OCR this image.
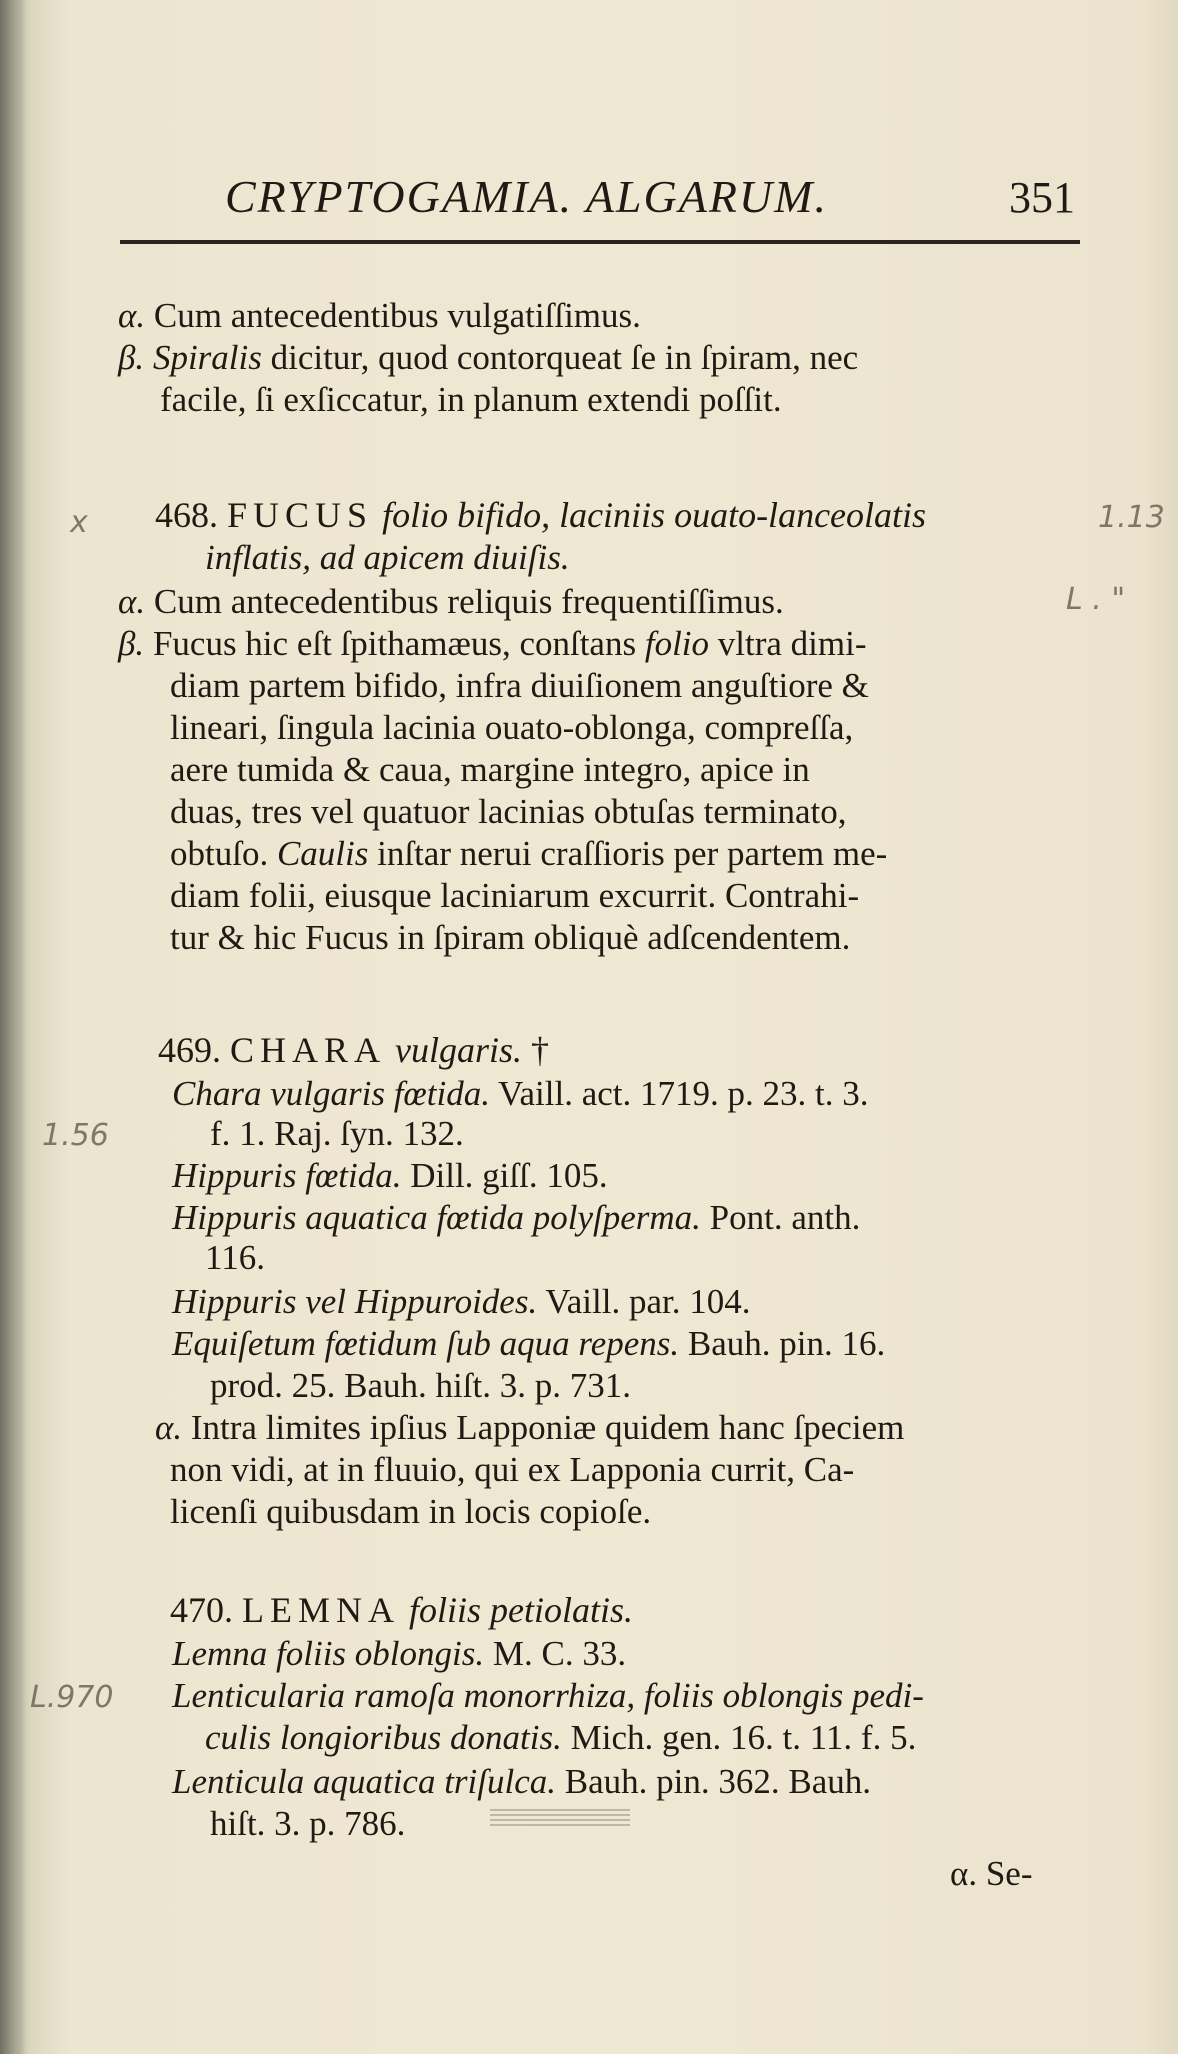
CRYPTOGAMIA. ALGARUM.	351
α. Cum antecedentibus vulgatiſſimus.
β. Spiralis dicitur, quod contorqueat ſe in ſpiram, nec
facile, ſi exſiccatur, in planum extendi poſſit.
468. FUCUS folio bifido, laciniis ouato-lanceolatis
inflatis, ad apicem diuiſis.
α. Cum antecedentibus reliquis frequentiſſimus.
β. Fucus hic eſt ſpithamæus, conſtans folio vltra dimi-
diam partem bifido, infra diuiſionem anguſtiore &
lineari, ſingula lacinia ouato-oblonga, compreſſa,
aere tumida & caua, margine integro, apice in
duas, tres vel quatuor lacinias obtuſas terminato,
obtuſo. Caulis inſtar nerui craſſioris per partem me-
diam folii, eiusque laciniarum excurrit. Contrahi-
tur & hic Fucus in ſpiram obliquè adſcendentem.
469. CHARA vulgaris. †
Chara vulgaris fœtida. Vaill. act. 1719. p. 23. t. 3.
f. 1. Raj. ſyn. 132.
Hippuris fœtida. Dill. giſſ. 105.
Hippuris aquatica fœtida polyſperma. Pont. anth.
116.
Hippuris vel Hippuroides. Vaill. par. 104.
Equiſetum fœtidum ſub aqua repens. Bauh. pin. 16.
prod. 25. Bauh. hiſt. 3. p. 731.
α. Intra limites ipſius Lapponiæ quidem hanc ſpeciem
non vidi, at in fluuio, qui ex Lapponia currit, Ca-
licenſi quibusdam in locis copioſe.
470. LEMNA foliis petiolatis.
Lemna foliis oblongis. M. C. 33.
Lenticularia ramoſa monorrhiza, foliis oblongis pedi-
culis longioribus donatis. Mich. gen. 16. t. 11. f. 5.
Lenticula aquatica triſulca. Bauh. pin. 362. Bauh.
hiſt. 3. p. 786.
α. Se-
x	1.13
L . "
1.56
L.970
